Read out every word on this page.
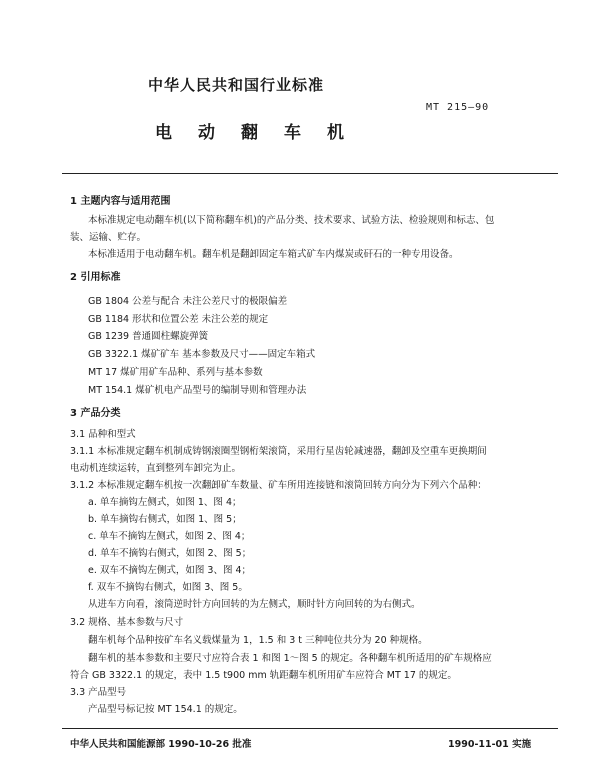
中华人民共和国行业标准
MT 215—90
电动翻车机
1 主题内容与适用范围
本标准规定电动翻车机(以下简称翻车机)的产品分类、技术要求、试验方法、检验规则和标志、包
装、运输、贮存。
本标准适用于电动翻车机。翻车机是翻卸固定车箱式矿车内煤炭或矸石的一种专用设备。
2 引用标准
GB 1804 公差与配合 未注公差尺寸的极限偏差
GB 1184 形状和位置公差 未注公差的规定
GB 1239 普通圆柱螺旋弹簧
GB 3322.1 煤矿矿车 基本参数及尺寸——固定车箱式
MT 17 煤矿用矿车品种、系列与基本参数
MT 154.1 煤矿机电产品型号的编制导则和管理办法
3 产品分类
3.1 品种和型式
3.1.1 本标准规定翻车机制成铸钢滚圈型钢桁架滚筒，采用行星齿轮减速器，翻卸及空重车更换期间
电动机连续运转，直到整列车卸完为止。
3.1.2 本标准规定翻车机按一次翻卸矿车数量、矿车所用连接链和滚筒回转方向分为下列六个品种：
a. 单车摘钩左侧式，如图 1、图 4；
b. 单车摘钩右侧式，如图 1、图 5；
c. 单车不摘钩左侧式，如图 2、图 4；
d. 单车不摘钩右侧式，如图 2、图 5；
e. 双车不摘钩左侧式，如图 3、图 4；
f. 双车不摘钩右侧式，如图 3、图 5。
从进车方向看，滚筒逆时针方向回转的为左侧式，顺时针方向回转的为右侧式。
3.2 规格、基本参数与尺寸
翻车机每个品种按矿车名义载煤量为 1，1.5 和 3 t 三种吨位共分为 20 种规格。
翻车机的基本参数和主要尺寸应符合表 1 和图 1～图 5 的规定。各种翻车机所适用的矿车规格应
符合 GB 3322.1 的规定，表中 1.5 t900 mm 轨距翻车机所用矿车应符合 MT 17 的规定。
3.3 产品型号
产品型号标记按 MT 154.1 的规定。
中华人民共和国能源部 1990-10-26 批准	1990-11-01 实施
